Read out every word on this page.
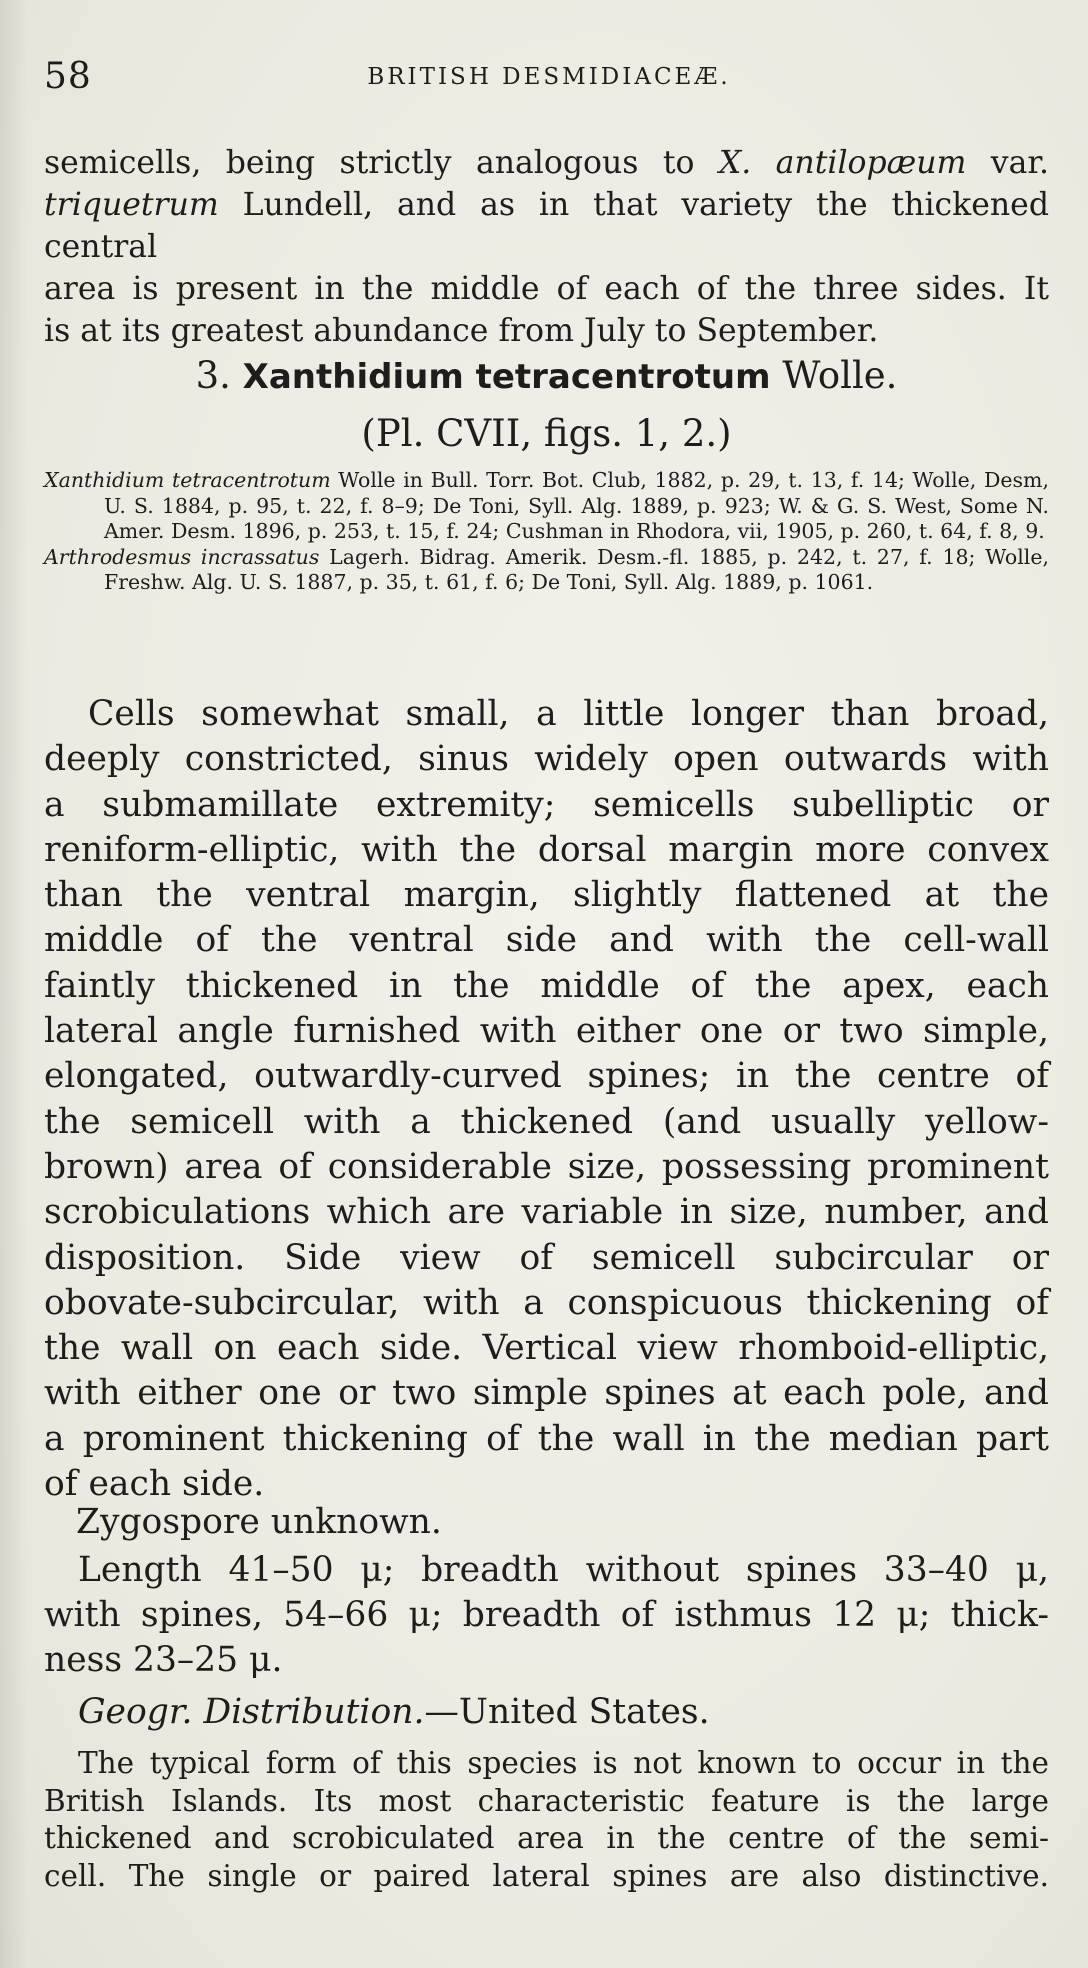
58	BRITISH DESMIDIACEÆ.
semicells, being strictly analogous to X. antilopæum var.
triquetrum Lundell, and as in that variety the thickened central
area is present in the middle of each of the three sides. It
is at its greatest abundance from July to September.
3. Xanthidium tetracentrotum Wolle.
(Pl. CVII, figs. 1, 2.)
Xanthidium tetracentrotum Wolle in Bull. Torr. Bot. Club, 1882, p. 29, t. 13, f. 14; Wolle, Desm, U. S. 1884, p. 95, t. 22, f. 8–9; De Toni, Syll. Alg. 1889, p. 923; W. & G. S. West, Some N. Amer. Desm. 1896, p. 253, t. 15, f. 24; Cushman in Rhodora, vii, 1905, p. 260, t. 64, f. 8, 9.
Arthrodesmus incrassatus Lagerh. Bidrag. Amerik. Desm.-fl. 1885, p. 242, t. 27, f. 18; Wolle, Freshw. Alg. U. S. 1887, p. 35, t. 61, f. 6; De Toni, Syll. Alg. 1889, p. 1061.
Cells somewhat small, a little longer than broad,
deeply constricted, sinus widely open outwards with
a submamillate extremity; semicells subelliptic or
reniform-elliptic, with the dorsal margin more convex
than the ventral margin, slightly flattened at the
middle of the ventral side and with the cell-wall
faintly thickened in the middle of the apex, each
lateral angle furnished with either one or two simple,
elongated, outwardly-curved spines; in the centre of
the semicell with a thickened (and usually yellow-
brown) area of considerable size, possessing prominent
scrobiculations which are variable in size, number, and
disposition. Side view of semicell subcircular or
obovate-subcircular, with a conspicuous thickening of
the wall on each side. Vertical view rhomboid-elliptic,
with either one or two simple spines at each pole, and
a prominent thickening of the wall in the median part
of each side.
Zygospore unknown.
Length 41–50 μ; breadth without spines 33–40 μ,
with spines, 54–66 μ; breadth of isthmus 12 μ; thick-
ness 23–25 μ.
Geogr. Distribution.—United States.
The typical form of this species is not known to occur in the
British Islands. Its most characteristic feature is the large
thickened and scrobiculated area in the centre of the semi-
cell. The single or paired lateral spines are also distinctive.
